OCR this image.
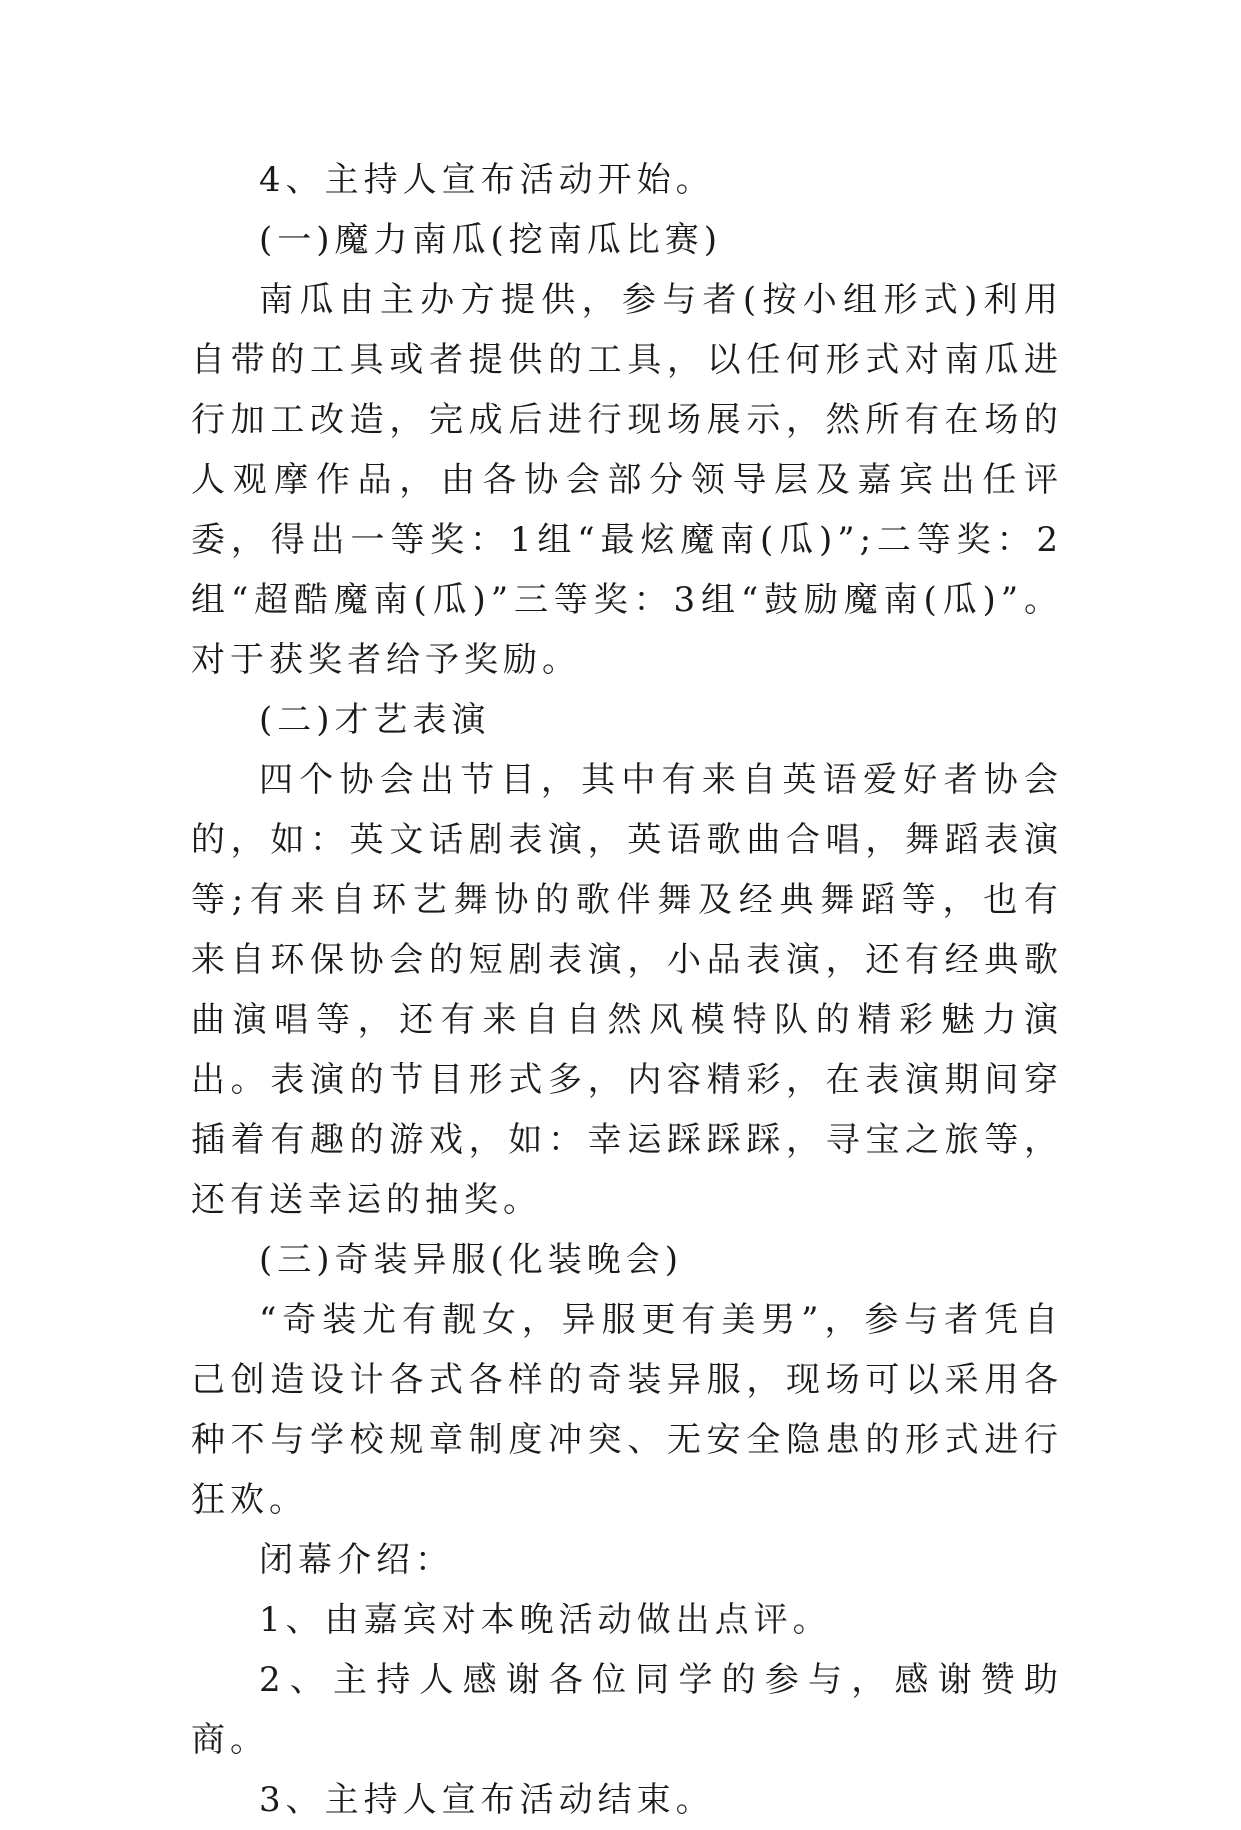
4、主持人宣布活动开始。

(一)魔力南瓜(挖南瓜比赛)

南瓜由主办方提供，参与者(按小组形式)利用自带的工具或者提供的工具，以任何形式对南瓜进行加工改造，完成后进行现场展示，然所有在场的人观摩作品，由各协会部分领导层及嘉宾出任评委，得出一等奖：1组“最炫魔南(瓜)”;二等奖：2组“超酷魔南(瓜)”三等奖：3组“鼓励魔南(瓜)”。对于获奖者给予奖励。

(二)才艺表演

四个协会出节目，其中有来自英语爱好者协会的，如：英文话剧表演，英语歌曲合唱，舞蹈表演等;有来自环艺舞协的歌伴舞及经典舞蹈等，也有来自环保协会的短剧表演，小品表演，还有经典歌曲演唱等，还有来自自然风模特队的精彩魅力演出。表演的节目形式多，内容精彩，在表演期间穿插着有趣的游戏，如：幸运踩踩踩，寻宝之旅等，还有送幸运的抽奖。

(三)奇装异服(化装晚会)

“奇装尤有靓女，异服更有美男”，参与者凭自己创造设计各式各样的奇装异服，现场可以采用各种不与学校规章制度冲突、无安全隐患的形式进行狂欢。

闭幕介绍：

1、由嘉宾对本晚活动做出点评。

2、主持人感谢各位同学的参与，感谢赞助商。

3、主持人宣布活动结束。
